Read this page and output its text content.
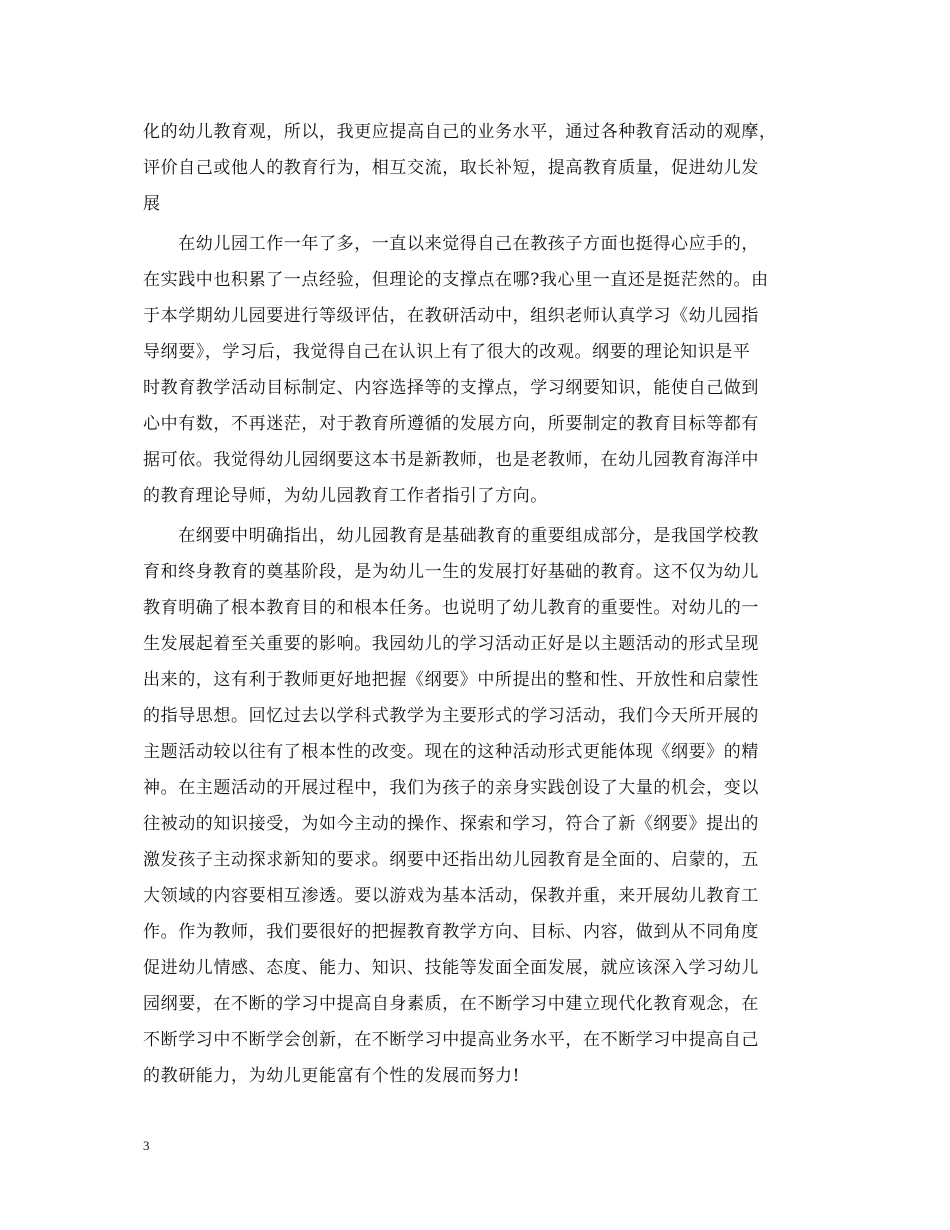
化的幼儿教育观，所以，我更应提高自己的业务水平，通过各种教育活动的观摩，
评价自己或他人的教育行为，相互交流，取长补短，提高教育质量，促进幼儿发
展
　　在幼儿园工作一年了多，一直以来觉得自己在教孩子方面也挺得心应手的，
在实践中也积累了一点经验，但理论的支撑点在哪?我心里一直还是挺茫然的。由
于本学期幼儿园要进行等级评估，在教研活动中，组织老师认真学习《幼儿园指
导纲要》，学习后，我觉得自己在认识上有了很大的改观。纲要的理论知识是平
时教育教学活动目标制定、内容选择等的支撑点，学习纲要知识，能使自己做到
心中有数，不再迷茫，对于教育所遵循的发展方向，所要制定的教育目标等都有
据可依。我觉得幼儿园纲要这本书是新教师，也是老教师，在幼儿园教育海洋中
的教育理论导师，为幼儿园教育工作者指引了方向。
　　在纲要中明确指出，幼儿园教育是基础教育的重要组成部分，是我国学校教
育和终身教育的奠基阶段，是为幼儿一生的发展打好基础的教育。这不仅为幼儿
教育明确了根本教育目的和根本任务。也说明了幼儿教育的重要性。对幼儿的一
生发展起着至关重要的影响。我园幼儿的学习活动正好是以主题活动的形式呈现
出来的，这有利于教师更好地把握《纲要》中所提出的整和性、开放性和启蒙性
的指导思想。回忆过去以学科式教学为主要形式的学习活动，我们今天所开展的
主题活动较以往有了根本性的改变。现在的这种活动形式更能体现《纲要》的精
神。在主题活动的开展过程中，我们为孩子的亲身实践创设了大量的机会，变以
往被动的知识接受，为如今主动的操作、探索和学习，符合了新《纲要》提出的
激发孩子主动探求新知的要求。纲要中还指出幼儿园教育是全面的、启蒙的，五
大领域的内容要相互渗透。要以游戏为基本活动，保教并重，来开展幼儿教育工
作。作为教师，我们要很好的把握教育教学方向、目标、内容，做到从不同角度
促进幼儿情感、态度、能力、知识、技能等发面全面发展，就应该深入学习幼儿
园纲要，在不断的学习中提高自身素质，在不断学习中建立现代化教育观念，在
不断学习中不断学会创新，在不断学习中提高业务水平，在不断学习中提高自己
的教研能力，为幼儿更能富有个性的发展而努力!
3
